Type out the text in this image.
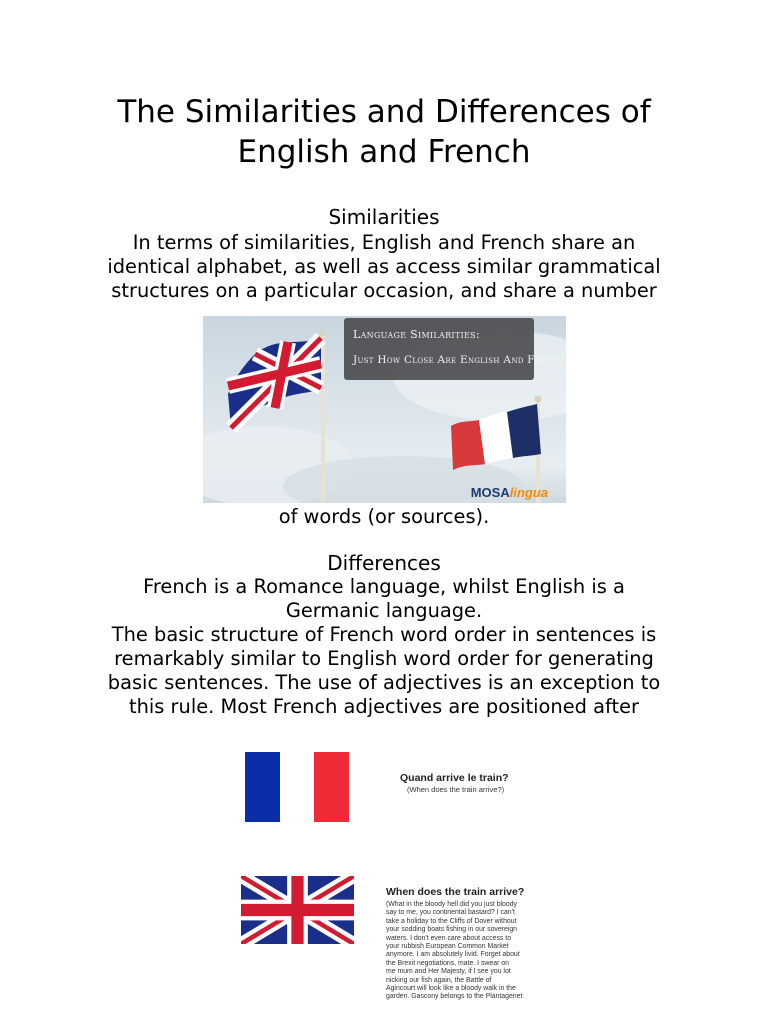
The Similarities and Differences of
English and French
Similarities

In terms of similarities, English and French share an
identical alphabet, as well as access similar grammatical
structures on a particular occasion, and share a number

Language Similarities:
Just How Close Are English And French
MOSAlingua

of words (or sources).

Differences

French is a Romance language, whilst English is a
Germanic language.
The basic structure of French word order in sentences is
remarkably similar to English word order for generating
basic sentences. The use of adjectives is an exception to
this rule. Most French adjectives are positioned after

Quand arrive le train?
(When does the train arrive?)
When does the train arrive?
(What in the bloody hell did you just bloody
say to me, you continental bastard? I can't
take a holiday to the Cliffs of Dover without
your sodding boats fishing in our sovereign
waters. I don't even care about access to
your rubbish European Common Market
anymore. I am absolutely livid. Forget about
the Brexit negotiations, mate. I swear on
me mum and Her Majesty, if I see you lot
nicking our fish again, the Battle of
Agincourt will look like a bloody walk in the
garden. Gascony belongs to the Plantagenet
